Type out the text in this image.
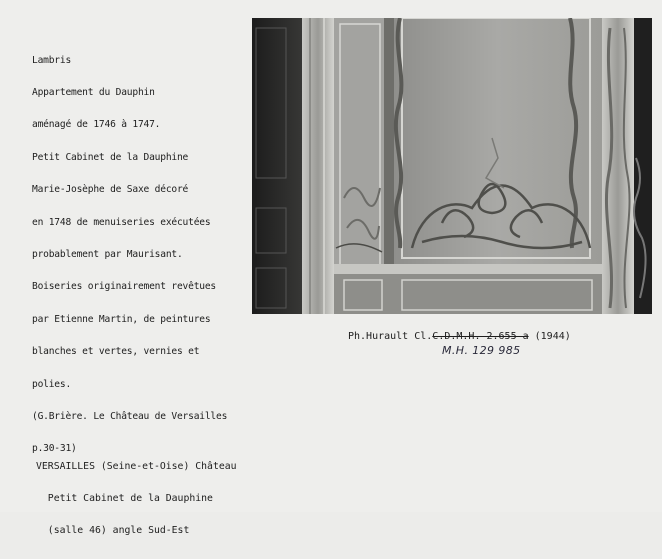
Lambris

Appartement du Dauphin

aménagé de 1746 à 1747.

Petit Cabinet de la Dauphine

Marie-Josèphe de Saxe décoré

en 1748 de menuiseries exécutées

probablement par Maurisant.

Boiseries originairement revêtues

par Etienne Martin, de peintures

blanches et vertes, vernies et

polies.

(G.Brière. Le Château de Versailles

p.30-31)

Ph.Hurault Cl.C.D.M.H. 2.655 a (1944)
M.H. 129 985

VERSAILLES (Seine-et-Oise) Château

Petit Cabinet de la Dauphine

(salle 46) angle Sud-Est
